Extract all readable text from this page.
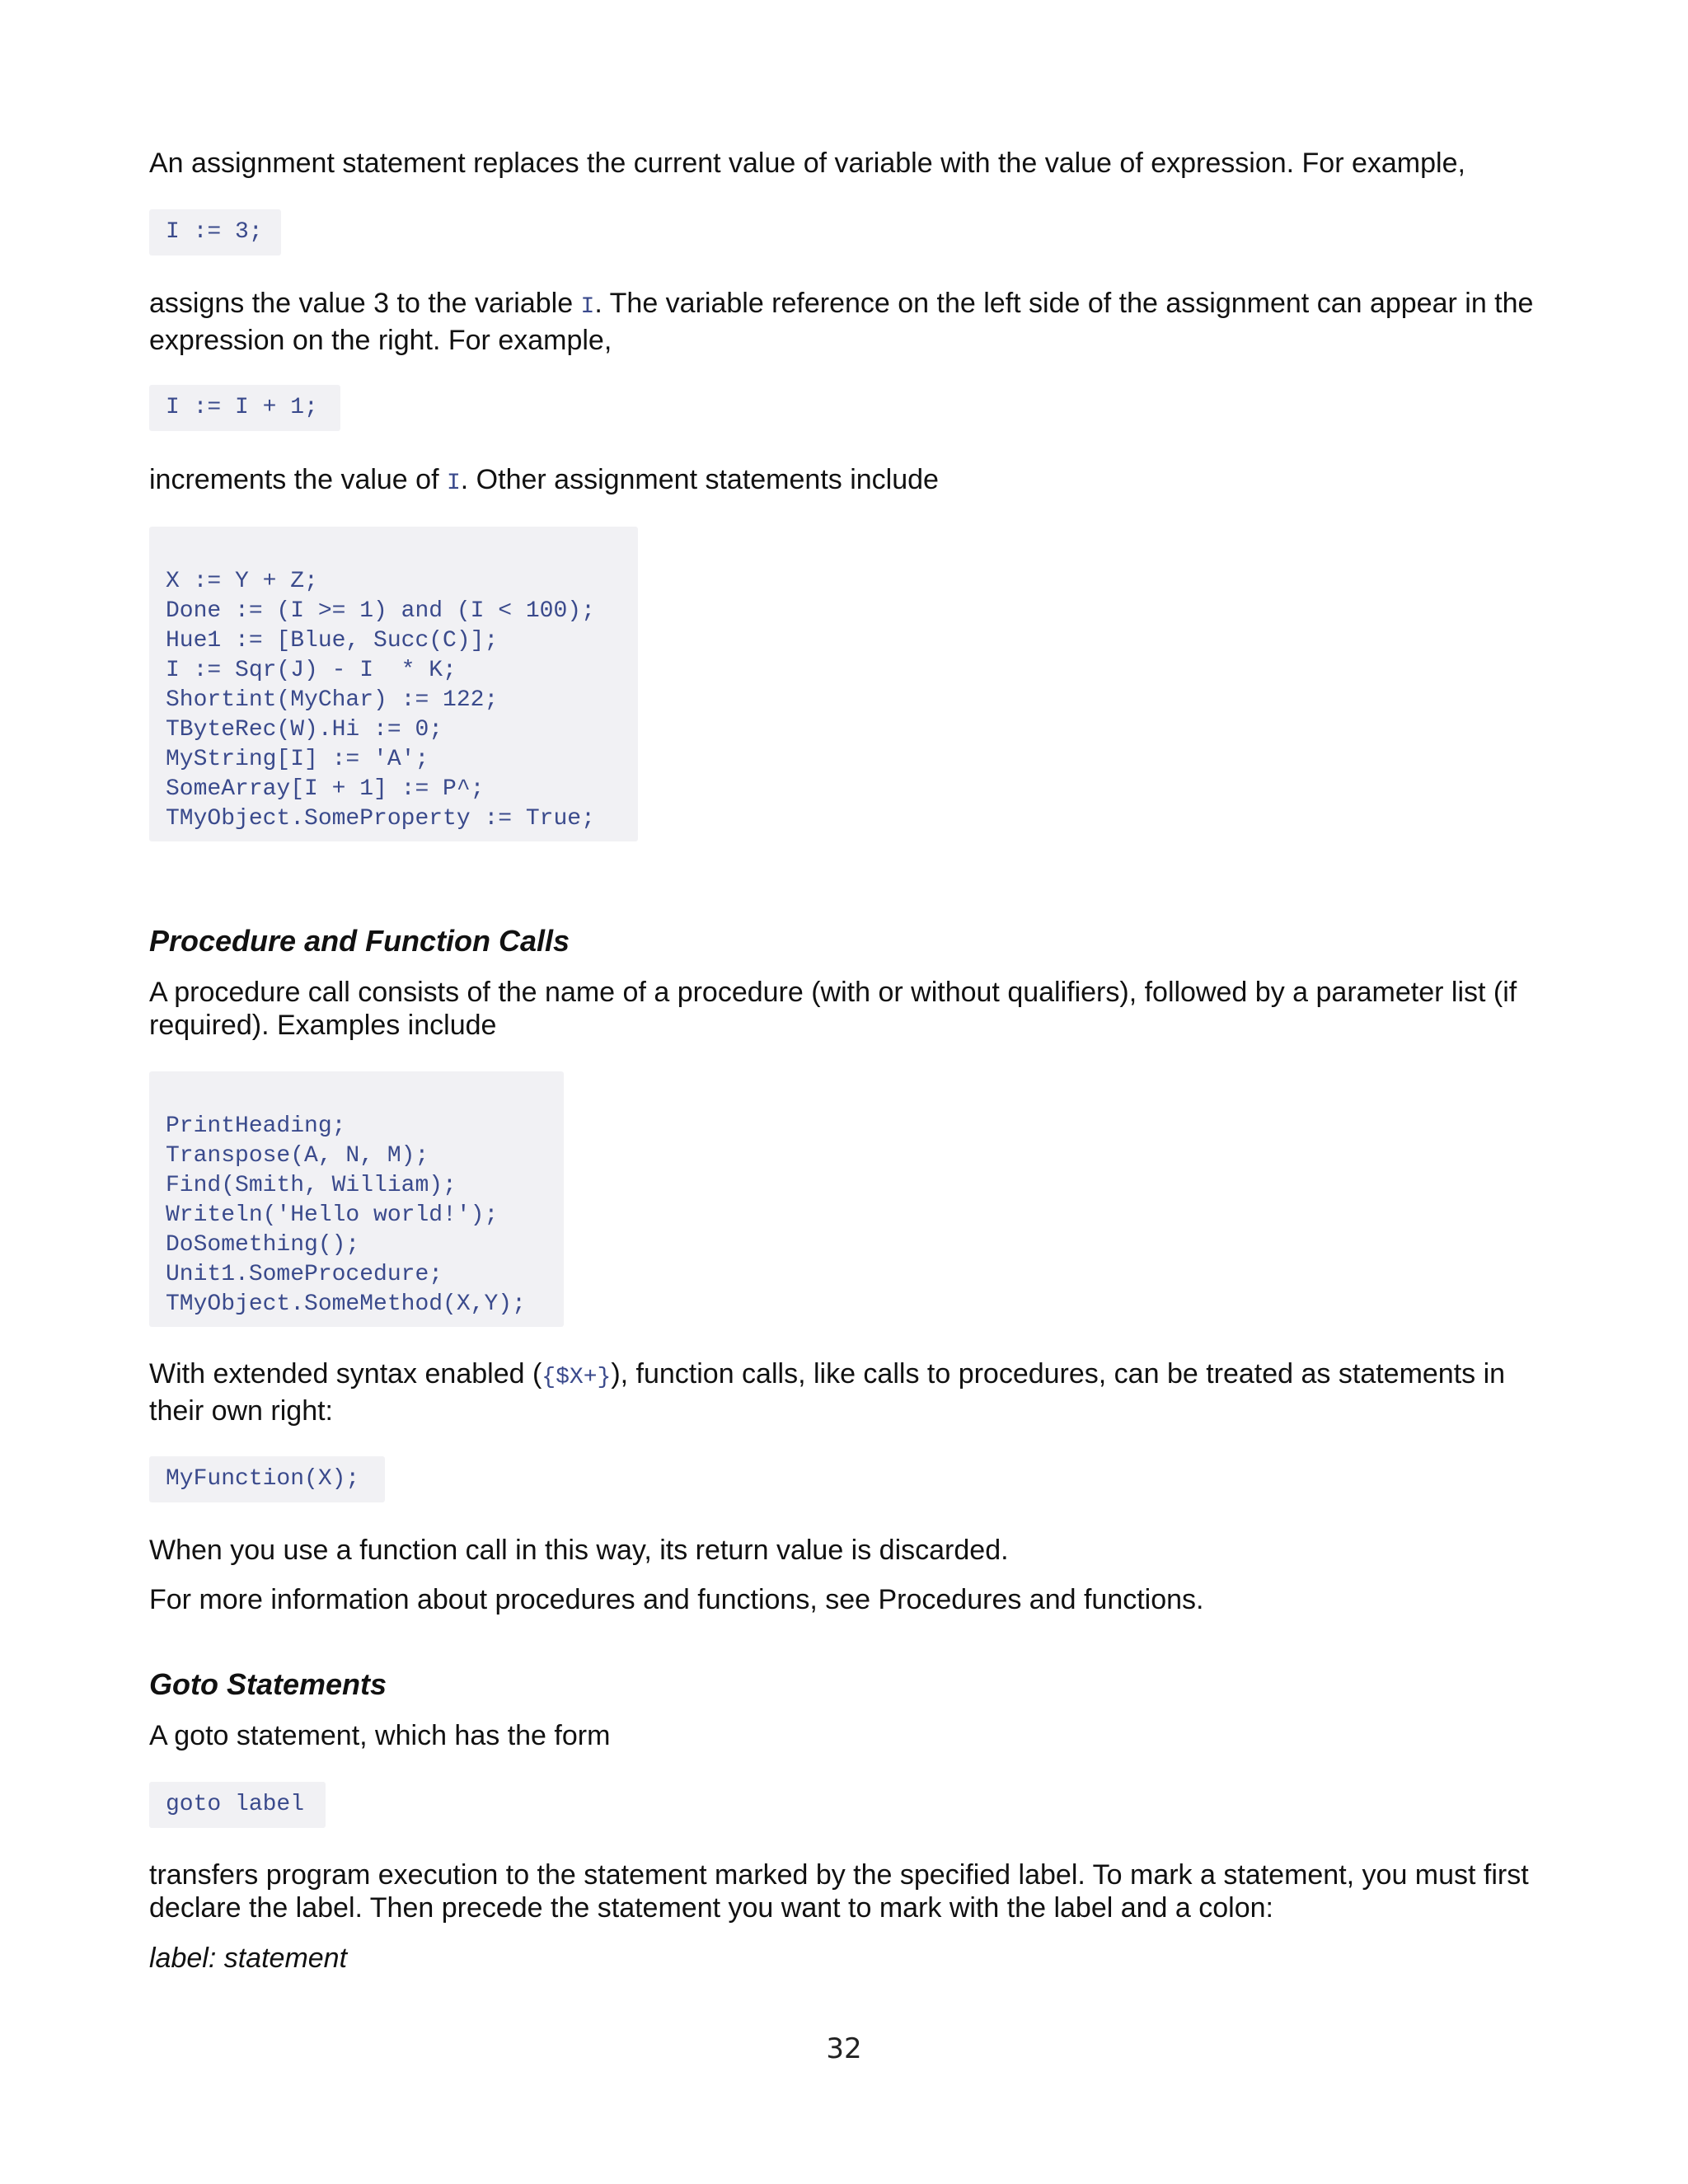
An assignment statement replaces the current value of variable with the value of expression. For example,

I := 3;

assigns the value 3 to the variable I. The variable reference on the left side of the assignment can appear in the expression on the right. For example,

I := I + 1;

increments the value of I. Other assignment statements include

X := Y + Z;
Done := (I >= 1) and (I < 100);
Hue1 := [Blue, Succ(C)];
I := Sqr(J) - I  * K;
Shortint(MyChar) := 122;
TByteRec(W).Hi := 0;
MyString[I] := 'A';
SomeArray[I + 1] := P^;
TMyObject.SomeProperty := True;
Procedure and Function Calls

A procedure call consists of the name of a procedure (with or without qualifiers), followed by a parameter list (if required). Examples include

PrintHeading;
Transpose(A, N, M);
Find(Smith, William);
Writeln('Hello world!');
DoSomething();
Unit1.SomeProcedure;
TMyObject.SomeMethod(X,Y);

With extended syntax enabled ({$X+}), function calls, like calls to procedures, can be treated as statements in their own right:

MyFunction(X);

When you use a function call in this way, its return value is discarded.

For more information about procedures and functions, see Procedures and functions.

Goto Statements

A goto statement, which has the form

goto label

transfers program execution to the statement marked by the specified label. To mark a statement, you must first declare the label. Then precede the statement you want to mark with the label and a colon:

label: statement

32
